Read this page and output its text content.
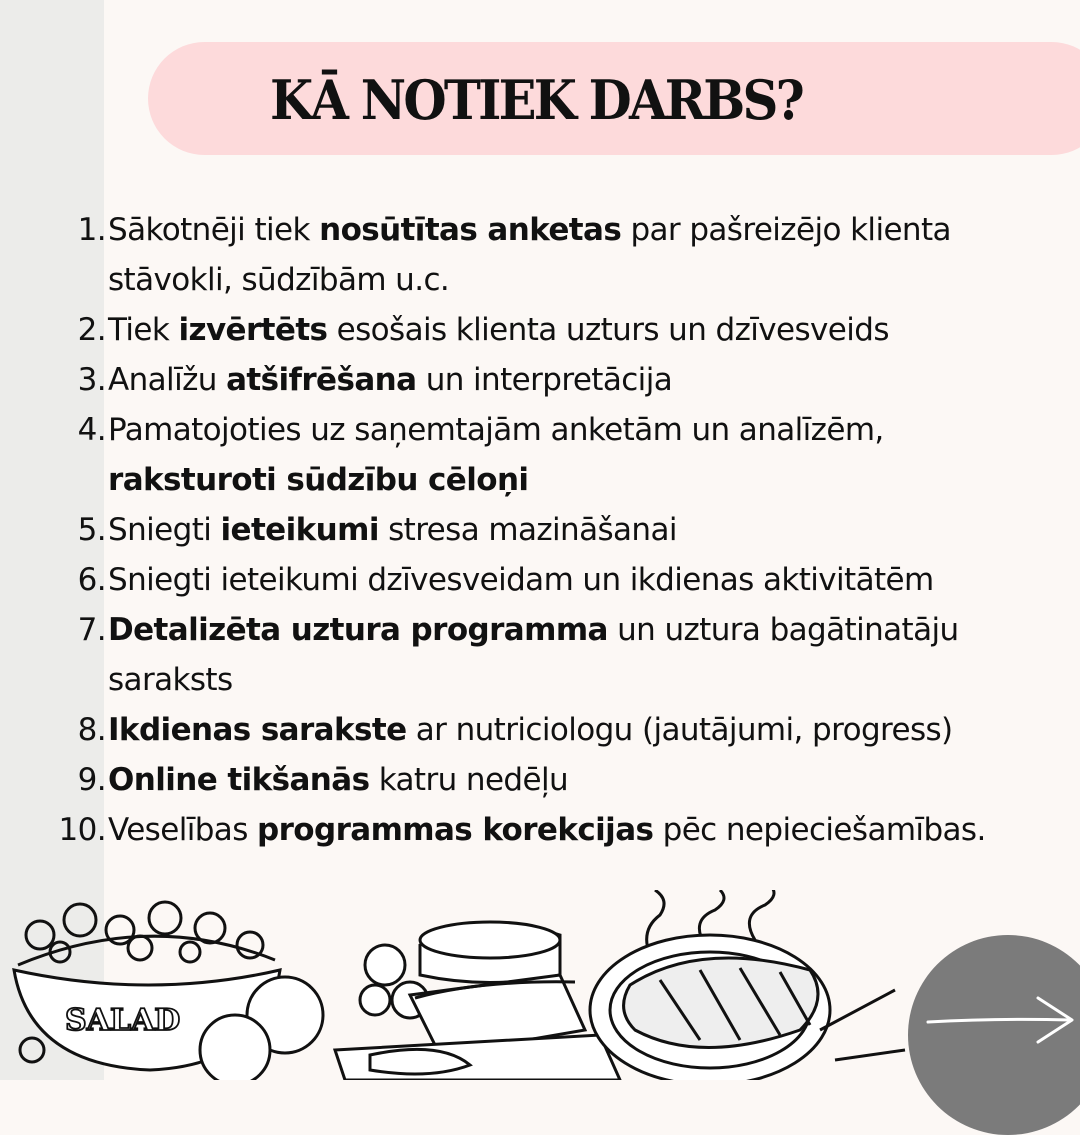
KĀ NOTIEK DARBS?
1. Sākotnēji tiek nosūtītas anketas par pašreizējo klienta stāvokli, sūdzībām u.c.
2. Tiek izvērtēts esošais klienta uzturs un dzīvesveids
3. Analīžu atšifrēšana un interpretācija
4. Pamatojoties uz saņemtajām anketām un analīzēm, raksturoti sūdzību cēloņi
5. Sniegti ieteikumi stresa mazināšanai
6. Sniegti ieteikumi dzīvesveidam un ikdienas aktivitātēm
7. Detalizēta uztura programma un uztura bagātinatāju saraksts
8. Ikdienas sarakste ar nutriciologu (jautājumi, progress)
9. Online tikšanās katru nedēļu
10. Veselības programmas korekcijas pēc nepieciešamības.
SALAD
